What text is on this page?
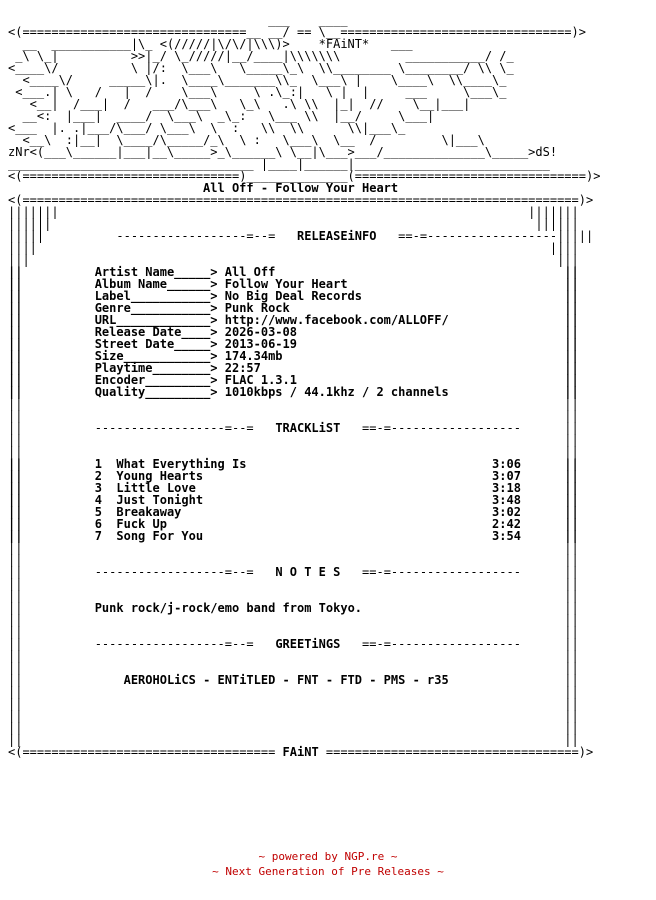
___    ____
<(===============================__ __/ == \__================================)>
__  ___________|\_ <(/////|\/\/|\\\)>    *FAiNT*   ___
_\ \_|          >>|_/ \_/////|__/____|\\\\\\\         ___________/ /_
<____\/          \ |/:  \___\   \_____\_\  \\________ \________/ \\ \_
<____\/     _____\|.  \____\_______\\_  \___\ |    \____\  \\____\_
<___.| \   /   |  /    \___\     \ .\_:|   \ |  |     ___     \___\_
<__|  /___|  /   ___/\___\   \_\   .\ \\  |_|  //    \__|___|
__<:  |___|  ____/  \___\  _\_:   \___ \\  |__/     \___|
<___  |. .|___/\___/ \___\  \  :   \\  \\      \\|___\_
<__\  :|__|  \____/\_____/_\  \ :   \___\  \__  /         \|___\
zNr<(___\______|___|__\_____>_\______\ \__|\___>___/______________\_____>dS!
__________________________________ |____|______|___________________________
<(==============================)______________(================================)>
All Off - Follow Your Heart
<(=============================================================================)>
|||||||                                                                 |||||||
||||||                                                                   ||||||
|||||          ------------------=--=   RELEASEiNFO   ==-=------------------|||||
||||                                                                       ||||
|||                                                                         |||
||          Artist Name_____> All Off                                        ||
||          Album Name______> Follow Your Heart                              ||
||          Label___________> No Big Deal Records                            ||
||          Genre___________> Punk Rock                                      ||
||          URL_____________> http://www.facebook.com/ALLOFF/                ||
||          Release Date____> 2026-03-08                                     ||
||          Street Date_____> 2013-06-19                                     ||
||          Size____________> 174.34mb                                       ||
||          Playtime________> 22:57                                          ||
||          Encoder_________> FLAC 1.3.1                                     ||
||          Quality_________> 1010kbps / 44.1khz / 2 channels                ||
||                                                                           ||
||                                                                           ||
||          ------------------=--=   TRACKLiST   ==-=------------------      ||
||                                                                           ||
||                                                                           ||
||          1  What Everything Is                                  3:06      ||
||          2  Young Hearts                                        3:07      ||
||          3  Little Love                                         3:18      ||
||          4  Just Tonight                                        3:48      ||
||          5  Breakaway                                           3:02      ||
||          6  Fuck Up                                             2:42      ||
||          7  Song For You                                        3:54      ||
||                                                                           ||
||                                                                           ||
||          ------------------=--=   N O T E S   ==-=------------------      ||
||                                                                           ||
||                                                                           ||
||          Punk rock/j-rock/emo band from Tokyo.                            ||
||                                                                           ||
||                                                                           ||
||          ------------------=--=   GREETiNGS   ==-=------------------      ||
||                                                                           ||
||                                                                           ||
||              AEROHOLiCS - ENTiTLED - FNT - FTD - PMS - r35                ||
||                                                                           ||
||                                                                           ||
||                                                                           ||
||                                                                           ||
||                                                                           ||
<(=================================== FAiNT ===================================)>
~ powered by NGP.re ~
~ Next Generation of Pre Releases ~
